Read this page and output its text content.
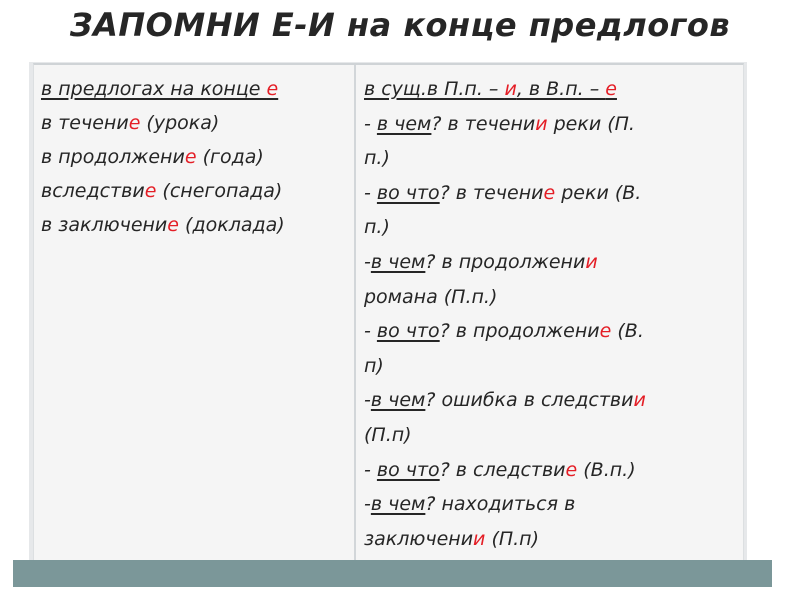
ЗАПОМНИ Е-И на конце предлогов
в предлогах на конце е
в течение (урока)
в продолжение (года)
вследствие (снегопада)
в заключение (доклада)
в сущ.в П.п. – и, в В.п. – е
- в чем? в течении реки (П.
п.)
- во что? в течение реки (В.
п.)
-в чем? в продолжении
романа (П.п.)
- во что? в продолжение (В.
п)
-в чем? ошибка в следствии
(П.п)
- во что? в следствие (В.п.)
-в чем? находиться в
заключении (П.п)
